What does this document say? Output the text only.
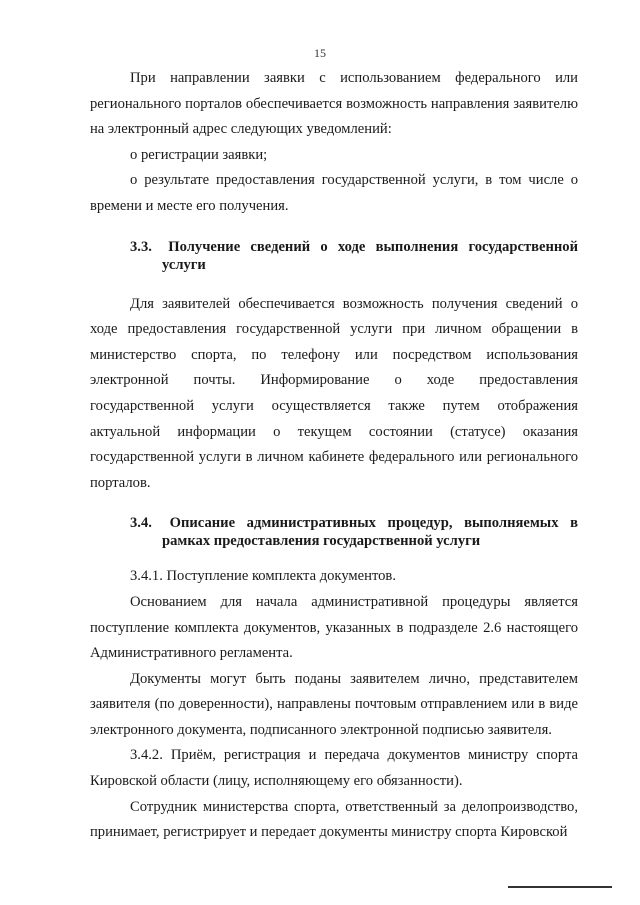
15

При направлении заявки с использованием федерального или регионального порталов обеспечивается возможность направления заявителю на электронный адрес следующих уведомлений:

о регистрации заявки;

о результате предоставления государственной услуги, в том числе о времени и месте его получения.

3.3. Получение сведений о ходе выполнения государственной
услуги

Для заявителей обеспечивается возможность получения сведений о ходе предоставления государственной услуги при личном обращении в министерство спорта, по телефону или посредством использования электронной почты. Информирование о ходе предоставления государственной услуги осуществляется также путем отображения актуальной информации о текущем состоянии (статусе) оказания государственной услуги в личном кабинете федерального или регионального порталов.

3.4. Описание административных процедур, выполняемых в
рамках предоставления государственной услуги

3.4.1. Поступление комплекта документов.

Основанием для начала административной процедуры является поступление комплекта документов, указанных в подразделе 2.6 настоящего Административного регламента.

Документы могут быть поданы заявителем лично, представителем заявителя (по доверенности), направлены почтовым отправлением или в виде электронного документа, подписанного электронной подписью заявителя.

3.4.2. Приём, регистрация и передача документов министру спорта Кировской области (лицу, исполняющему его обязанности).

Сотрудник министерства спорта, ответственный за делопроизводство, принимает, регистрирует и передает документы министру спорта Кировской
